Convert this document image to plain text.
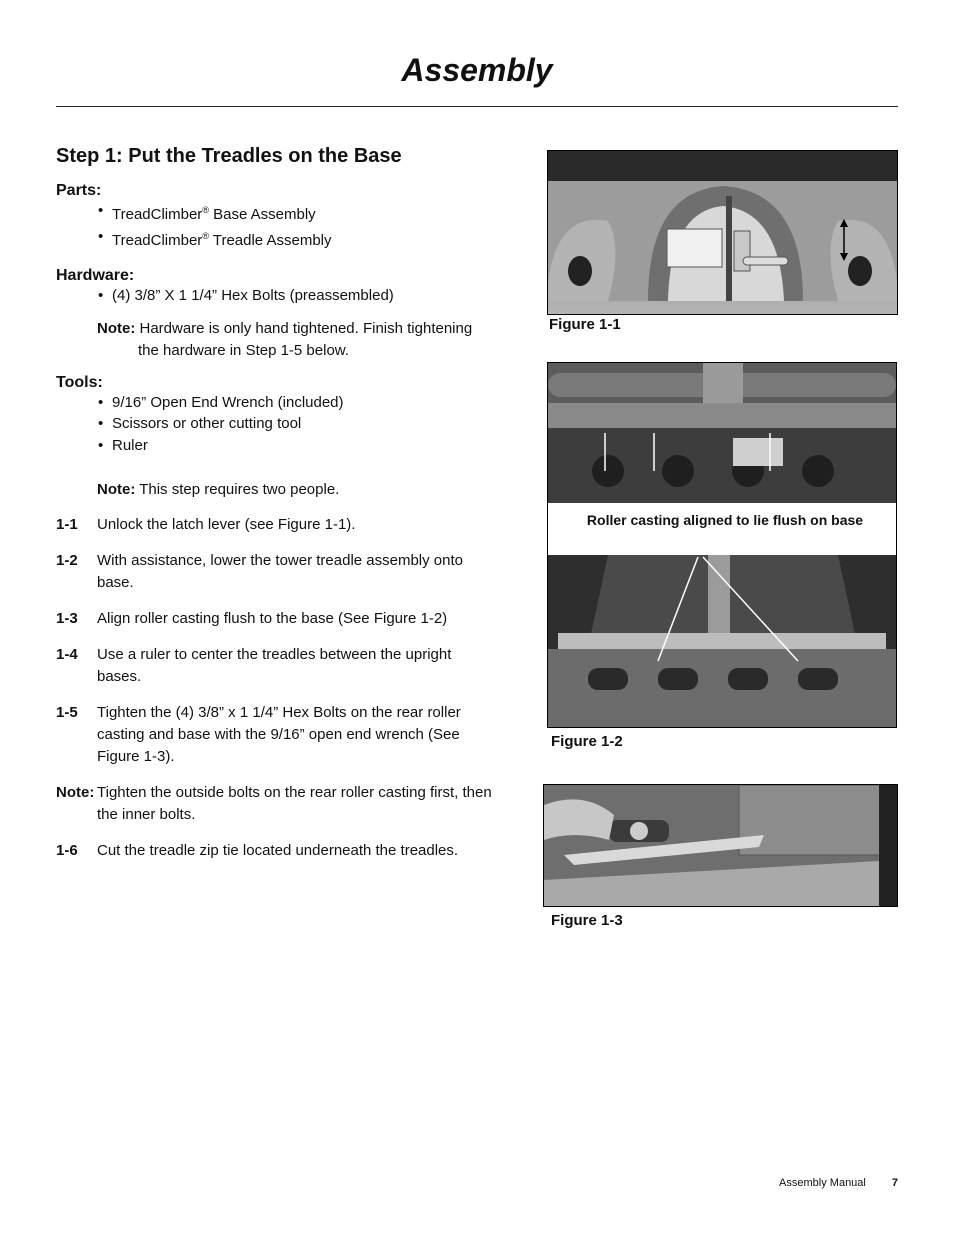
Assembly
Step 1: Put the Treadles on the Base
Parts:
• TreadClimber® Base Assembly
• TreadClimber® Treadle Assembly
Hardware:
• (4) 3/8” X 1 1/4” Hex Bolts (preassembled)
Note: Hardware is only hand tightened. Finish tightening the hardware in Step 1-5 below.
Tools:
• 9/16” Open End Wrench (included)
• Scissors or other cutting tool
• Ruler
Note: This step requires two people.
1-1	Unlock the latch lever (see Figure 1-1).
1-2	With assistance, lower the tower treadle assembly onto base.
1-3	Align roller casting flush to the base (See Figure 1-2)
1-4	Use a ruler to center the treadles between the upright bases.
1-5	Tighten the (4) 3/8” x 1 1/4” Hex Bolts on the rear roller casting and base with the 9/16” open end wrench (See Figure 1-3).
Note: Tighten the outside bolts on the rear roller casting first, then the inner bolts.
1-6	Cut the treadle zip tie located underneath the treadles.
Figure 1-1
Roller casting aligned to lie flush on base
Figure 1-2
Figure 1-3
Assembly Manual 7
